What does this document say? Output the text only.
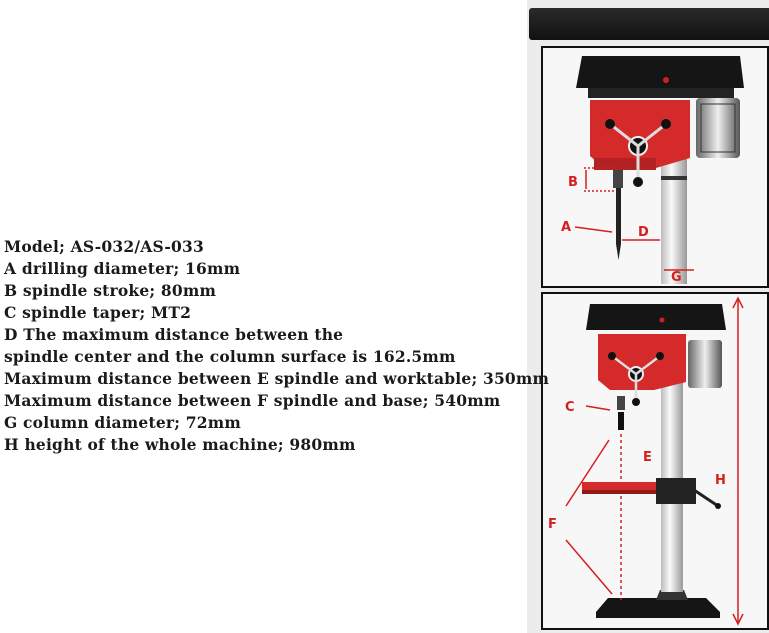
Model; AS-032/AS-033
A drilling diameter; 16mm
B spindle stroke; 80mm
C spindle taper; MT2
D The maximum distance between the
spindle center and the column surface is 162.5mm
Maximum distance between E spindle and worktable; 350mm
Maximum distance between F spindle and base; 540mm
G column diameter; 72mm
H height of the whole machine; 980mm
B
A	D
G
C
E
F
H
